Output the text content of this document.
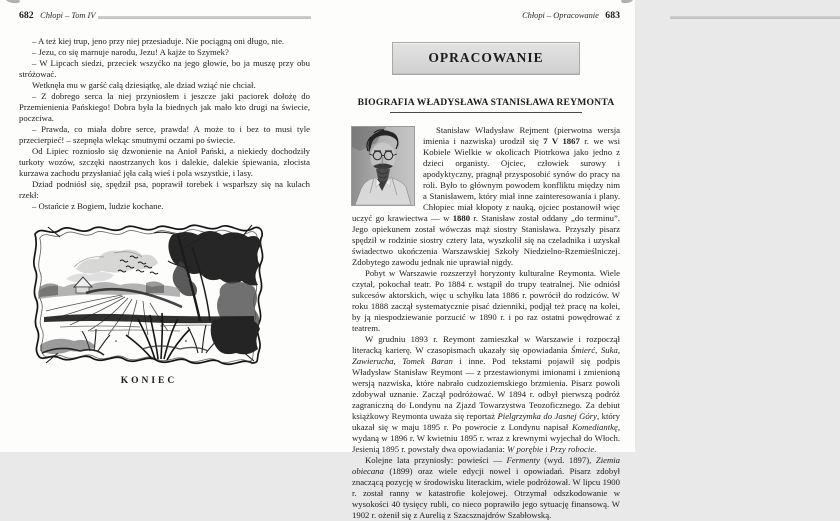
682 Chłopi – Tom IV

– A też kiej trup, jeno przy niej przesiaduje. Nie pociągną oni długo, nie.

– Jezu, co się marnuje narodu, Jezu! A kajże to Szymek?

– W Lipcach siedzi, przeciek wszyćko na jego głowie, bo ja muszę przy obu stróżować.

Wetknęła mu w garść całą dziesiątkę, ale dziad wziąć nie chciał.

– Z dobrego serca la niej przyniosłem i jeszcze jaki paciorek dołożę do Przemienienia Pańskiego! Dobra była la biednych jak mało kto drugi na świecie, poczciwa.

– Prawda, co miała dobre serce, prawda! A może to i bez to musi tyle przecierpieć! – szepnęła wlekąc smutnymi oczami po świecie.

Od Lipiec rozniosło się dzwonienie na Anioł Pański, a niekiedy dochodziły turkoty wozów, szczęki naostrzanych kos i dalekie, dalekie śpiewania, złocista kurzawa zachodu przysłaniać jęła całą wieś i pola wszystkie, i lasy.

Dziad podniósł się, spędził psa, poprawił torebek i wsparłszy się na kulach rzekł:

– Ostańcie z Bogiem, ludzie kochane.

KONIEC
Chłopi – Opracowanie 683
OPRACOWANIE
BIOGRAFIA WŁADYSŁAWA STANISŁAWA REYMONTA

Stanisław Władysław Rejment (pierwotna wersja imienia i nazwiska) urodził się 7 V 1867 r. we wsi Kobiele Wielkie w okolicach Piotrkowa jako jedno z dzieci organisty. Ojciec, człowiek surowy i apodyktyczny, pragnął przysposobić synów do pracy na roli. Było to głównym powodem konfliktu między nim a Stanisławem, który miał inne zainteresowania i plany. Chłopiec miał kłopoty z nauką, ojciec postanowił więc uczyć go krawiectwa — w 1880 r. Stanisław został oddany „do terminu”. Jego opiekunem został wówczas mąż siostry Stanisława. Przyszły pisarz spędził w rodzinie siostry cztery lata, wyszkolił się na czeladnika i uzyskał świadectwo ukończenia Warszawskiej Szkoły Niedzielno-Rzemieślniczej. Zdobytego zawodu jednak nie uprawiał nigdy.

Pobyt w Warszawie rozszerzył horyzonty kulturalne Reymonta. Wiele czytał, pokochał teatr. Po 1884 r. wstąpił do trupy teatralnej. Nie odniósł sukcesów aktorskich, więc u schyłku lata 1886 r. powrócił do rodziców. W roku 1888 zaczął systematycznie pisać dzienniki, podjął też pracę na kolei, by ją niespodziewanie porzucić w 1890 r. i po raz ostatni powędrować z teatrem.

W grudniu 1893 r. Reymont zamieszkał w Warszawie i rozpoczął literacką karierę. W czasopismach ukazały się opowiadania Śmierć, Suka, Zawierucha, Tomek Baran i inne. Pod tekstami pojawił się podpis Władysław Stanisław Reymont — z przestawionymi imionami i zmienioną wersją nazwiska, które nabrało cudzoziemskiego brzmienia. Pisarz powoli zdobywał uznanie. Zaczął podróżować. W 1894 r. odbył pierwszą podróż zagraniczną do Londynu na Zjazd Towarzystwa Teozoficznego. Za debiut książkowy Reymonta uważa się reportaż Pielgrzymka do Jasnej Góry, który ukazał się w maju 1895 r. Po powrocie z Londynu napisał Komediantkę, wydaną w 1896 r. W kwietniu 1895 r. wraz z krewnymi wyjechał do Włoch. Jesienią 1895 r. powstały dwa opowiadania: W porębie i Przy robocie.

Kolejne lata przyniosły: powieści — Fermenty (wyd. 1897), Ziemia obiecana (1899) oraz wiele edycji nowel i opowiadań. Pisarz zdobył znaczącą pozycję w środowisku literackim, wiele podróżował. W lipcu 1900 r. został ranny w katastrofie kolejowej. Otrzymał odszkodowanie w wysokości 40 tysięcy rubli, co nieco poprawiło jego sytuację finansową. W 1902 r. ożenił się z Aurelią z Szacsznajdrów Szabłowską.
